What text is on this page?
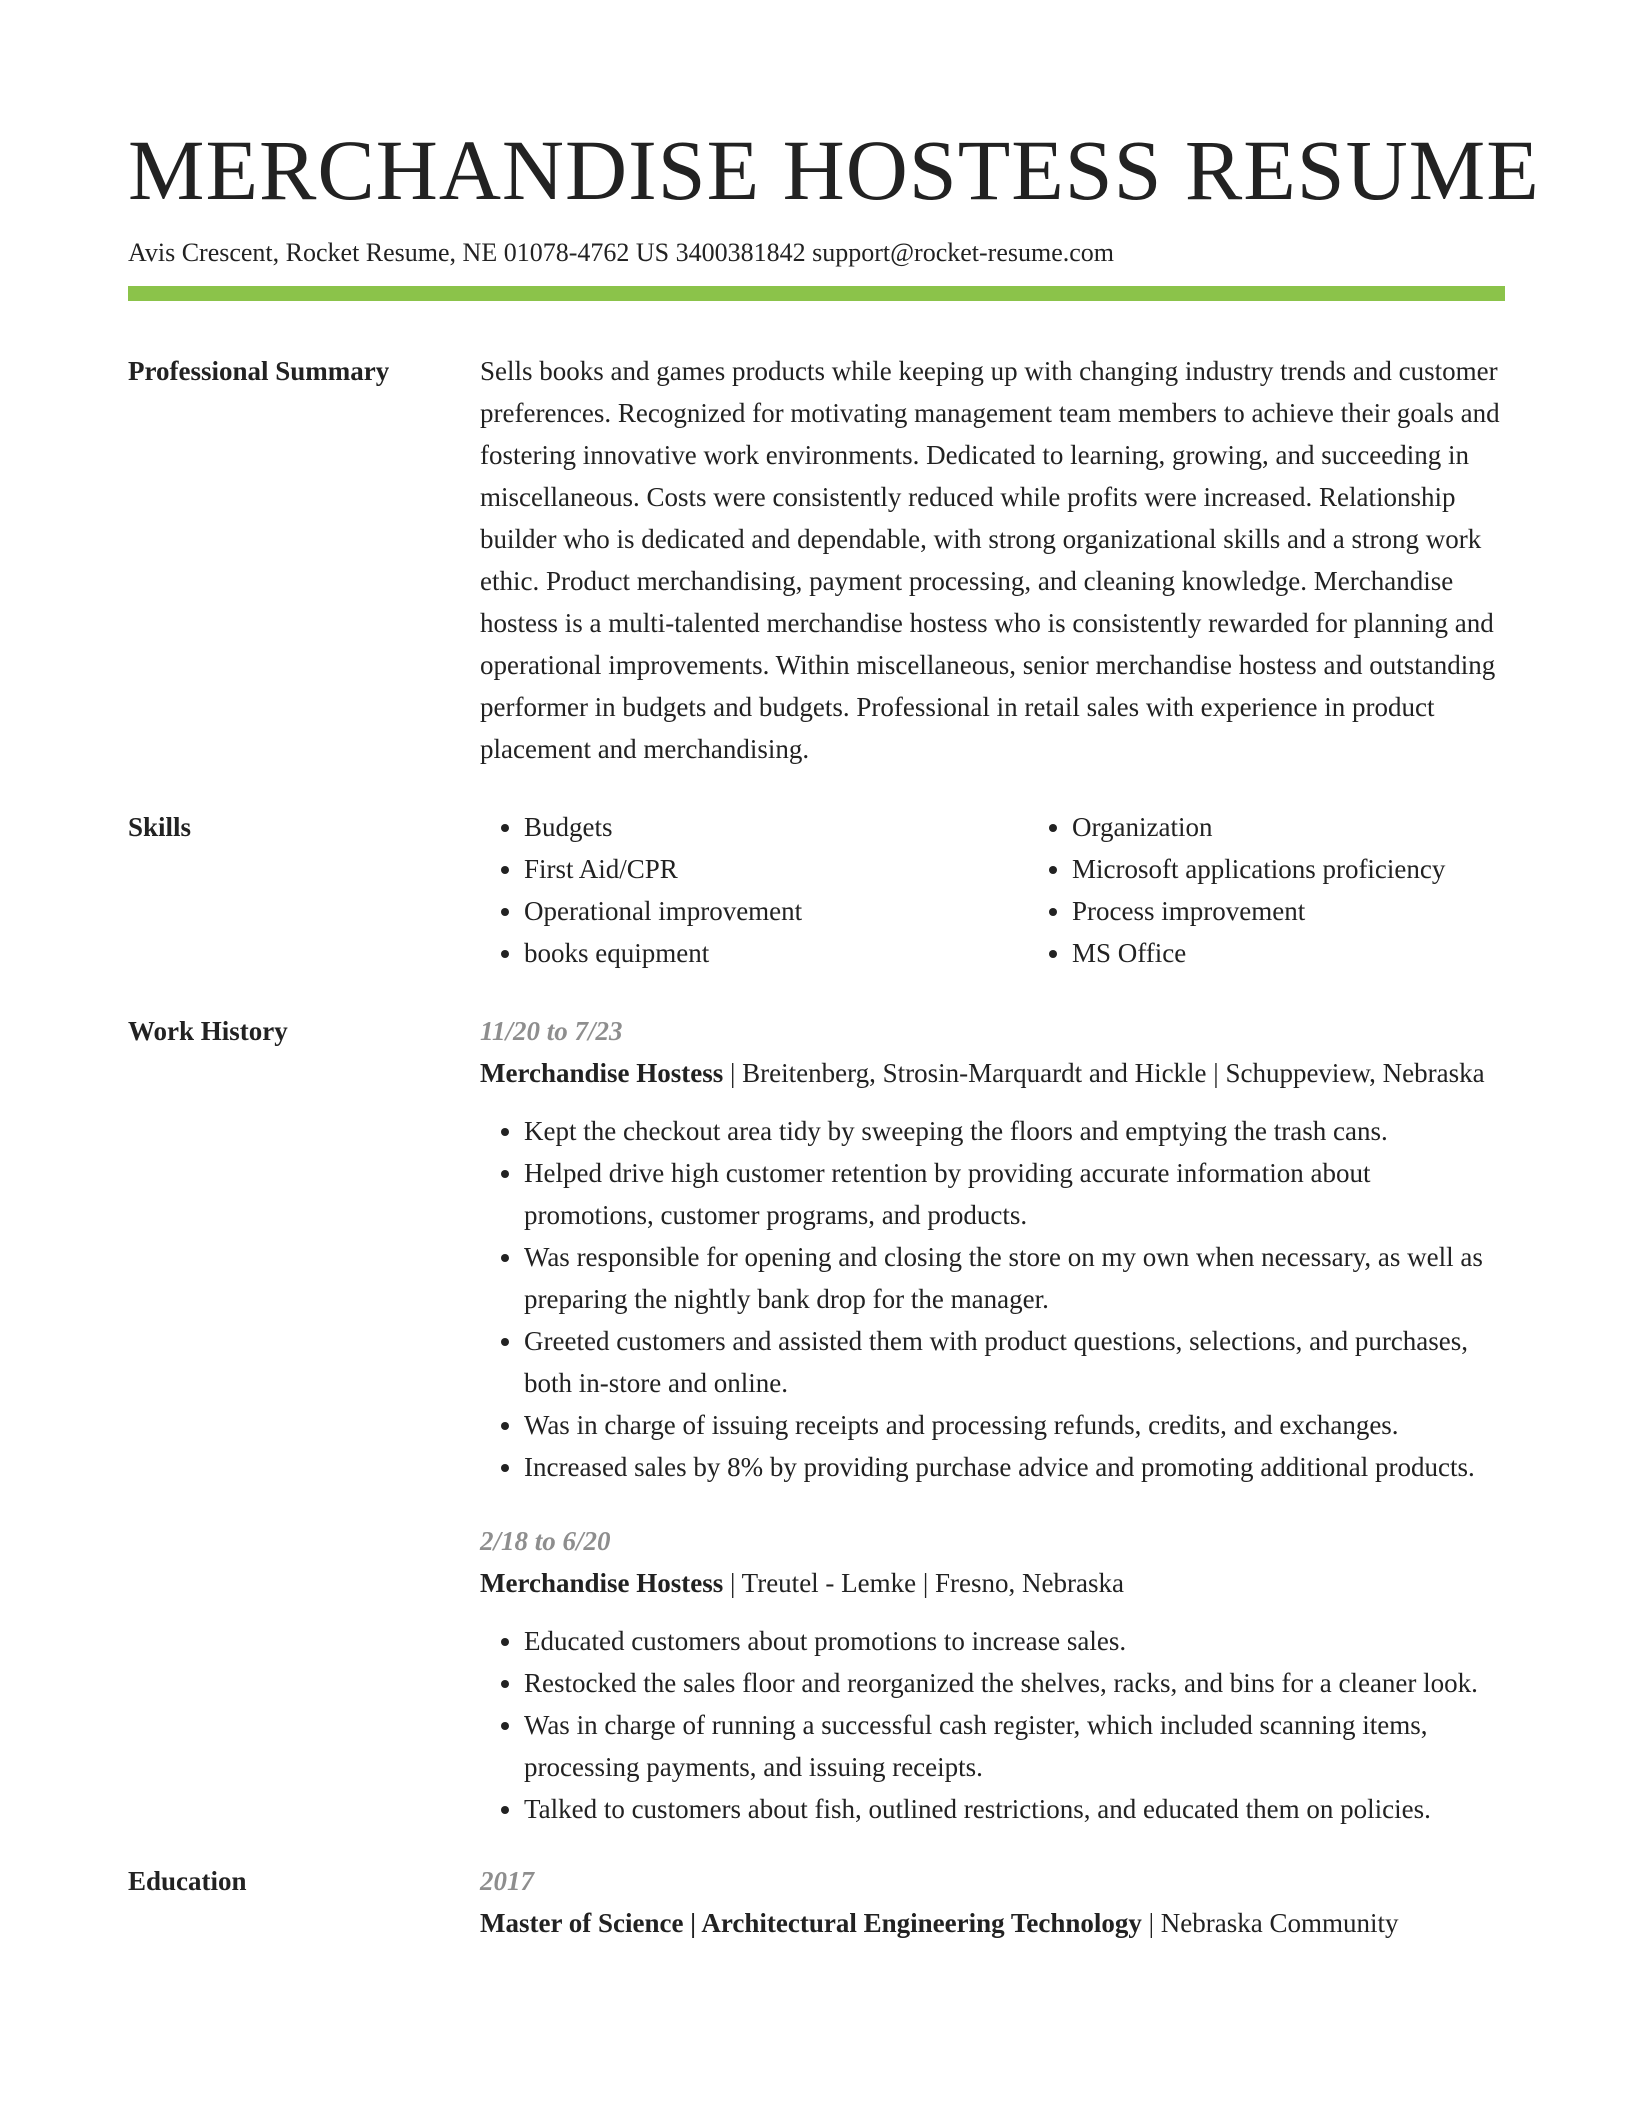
MERCHANDISE HOSTESS RESUME
Avis Crescent, Rocket Resume, NE 01078-4762 US 3400381842 support@rocket-resume.com
Professional Summary	Sells books and games products while keeping up with changing industry trends and customer preferences. Recognized for motivating management team members to achieve their goals and fostering innovative work environments. Dedicated to learning, growing, and succeeding in miscellaneous. Costs were consistently reduced while profits were increased. Relationship builder who is dedicated and dependable, with strong organizational skills and a strong work ethic. Product merchandising, payment processing, and cleaning knowledge. Merchandise hostess is a multi-talented merchandise hostess who is consistently rewarded for planning and operational improvements. Within miscellaneous, senior merchandise hostess and outstanding performer in budgets and budgets. Professional in retail sales with experience in product placement and merchandising.

Skills
•	Budgets
• First Aid/CPR
• Operational improvement
• books equipment
• Organization
• Microsoft applications proficiency
• Process improvement
• MS Office
Work History	11/20 to 7/23
Merchandise Hostess | Breitenberg, Strosin-Marquardt and Hickle | Schuppeview, Nebraska
• Kept the checkout area tidy by sweeping the floors and emptying the trash cans.
• Helped drive high customer retention by providing accurate information about promotions, customer programs, and products.
• Was responsible for opening and closing the store on my own when necessary, as well as preparing the nightly bank drop for the manager.
• Greeted customers and assisted them with product questions, selections, and purchases, both in-store and online.
• Was in charge of issuing receipts and processing refunds, credits, and exchanges.
• Increased sales by 8% by providing purchase advice and promoting additional products.
2/18 to 6/20
Merchandise Hostess | Treutel - Lemke | Fresno, Nebraska
• Educated customers about promotions to increase sales.
• Restocked the sales floor and reorganized the shelves, racks, and bins for a cleaner look.
• Was in charge of running a successful cash register, which included scanning items, processing payments, and issuing receipts.
• Talked to customers about fish, outlined restrictions, and educated them on policies.
Education	2017
Master of Science | Architectural Engineering Technology | Nebraska Community
